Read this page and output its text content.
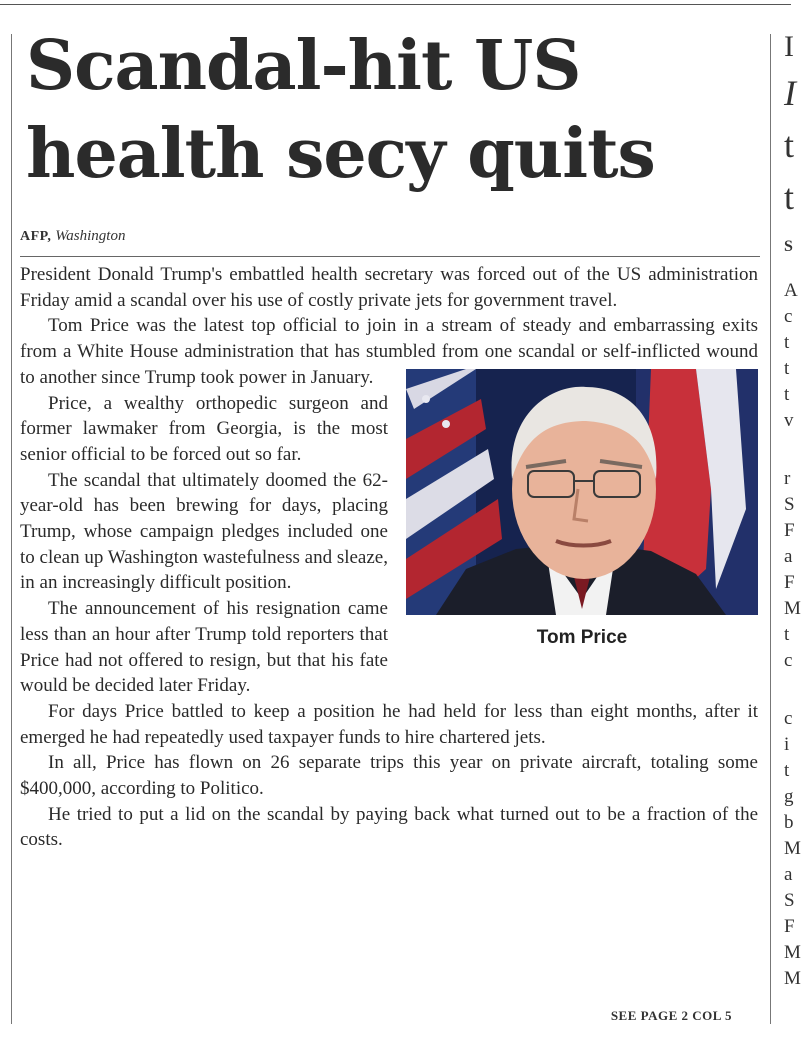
Scandal-hit US health secy quits
AFP, Washington

President Donald Trump's embattled health secretary was forced out of the US administration Friday amid a scandal over his use of costly private jets for government travel.

Tom Price was the latest top official to join in a stream of steady and embarrassing exits from a White House administration that has stumbled from one scandal or self-inflicted wound to another since Trump took power in January.

Tom Price

Price, a wealthy orthopedic surgeon and former lawmaker from Georgia, is the most senior official to be forced out so far.

The scandal that ultimately doomed the 62-year-old has been brewing for days, placing Trump, whose campaign pledges included one to clean up Washington wastefulness and sleaze, in an increasingly difficult position.

The announcement of his resignation came less than an hour after Trump told reporters that Price had not offered to resign, but that his fate would be decided later Friday.

For days Price battled to keep a position he had held for less than eight months, after it emerged he had repeatedly used taxpayer funds to hire chartered jets.

In all, Price has flown on 26 separate trips this year on private aircraft, totaling some $400,000, according to Politico.

He tried to put a lid on the scandal by paying back what turned out to be a fraction of the costs.

SEE PAGE 2 COL 5
I
I
t
t
S
A
c
t
t
t
v
r
S
F
a
F
M
t
c
c
i
t
g
b
M
a
S
F
M
M
